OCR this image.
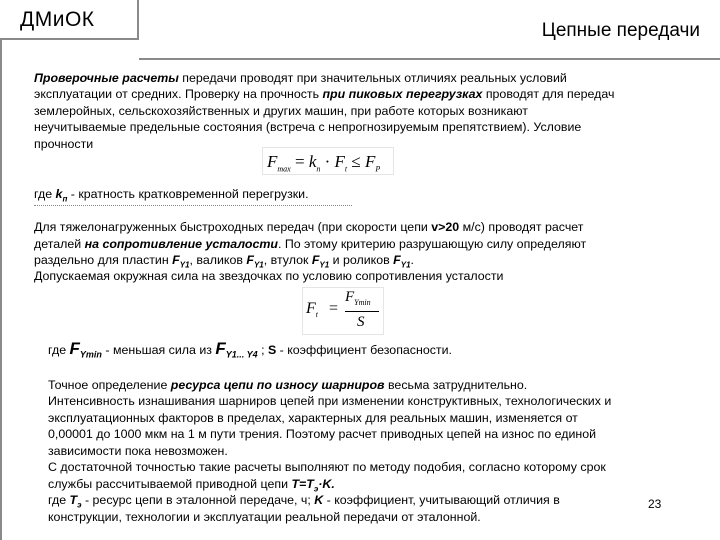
ДМиОК	Цепные передачи
Проверочные расчеты передачи проводят при значительных отличиях реальных условий
эксплуатации от средних. Проверку на прочность при пиковых перегрузках проводят для передач
землеройных, сельскохозяйственных и других машин, при работе которых возникают
неучитываемые предельные состояния (встреча с непрогнозируемым препятствием). Условие
прочности
$F_{max} = k_п \cdot F_t \le F_P$
где $k_п$ - кратность кратковременной перегрузки.
Для тяжелонагруженных быстроходных передач (при скорости цепи v>20 м/с) проводят расчет
деталей на сопротивление усталости. По этому критерию разрушающую силу определяют
раздельно для пластин $F_{Y1}$, валиков $F_{Y1}$, втулок $F_{Y1}$ и роликов $F_{Y1}$.
Допускаемая окружная сила на звездочках по условию сопротивления усталости
$F_t$ =
$F_{Ymin}$
S
где $F_{Ymin}$ - меньшая сила из $F_{Y1... Y4}$ ; S - коэффициент безопасности.
Точное определение ресурса цепи по износу шарниров весьма затруднительно.
Интенсивность изнашивания шарниров цепей при изменении конструктивных, технологических и
эксплуатационных факторов в пределах, характерных для реальных машин, изменяется от
0,00001 до 1000 мкм на 1 м пути трения. Поэтому расчет приводных цепей на износ по единой
зависимости пока невозможен.
С достаточной точностью такие расчеты выполняют по методу подобия, согласно которому срок
службы рассчитываемой приводной цепи $T=T_э\cdot K$.
где $T_э$ - ресурс цепи в эталонной передаче, ч; K - коэффициент, учитывающий отличия в
конструкции, технологии и эксплуатации реальной передачи от эталонной.
23
